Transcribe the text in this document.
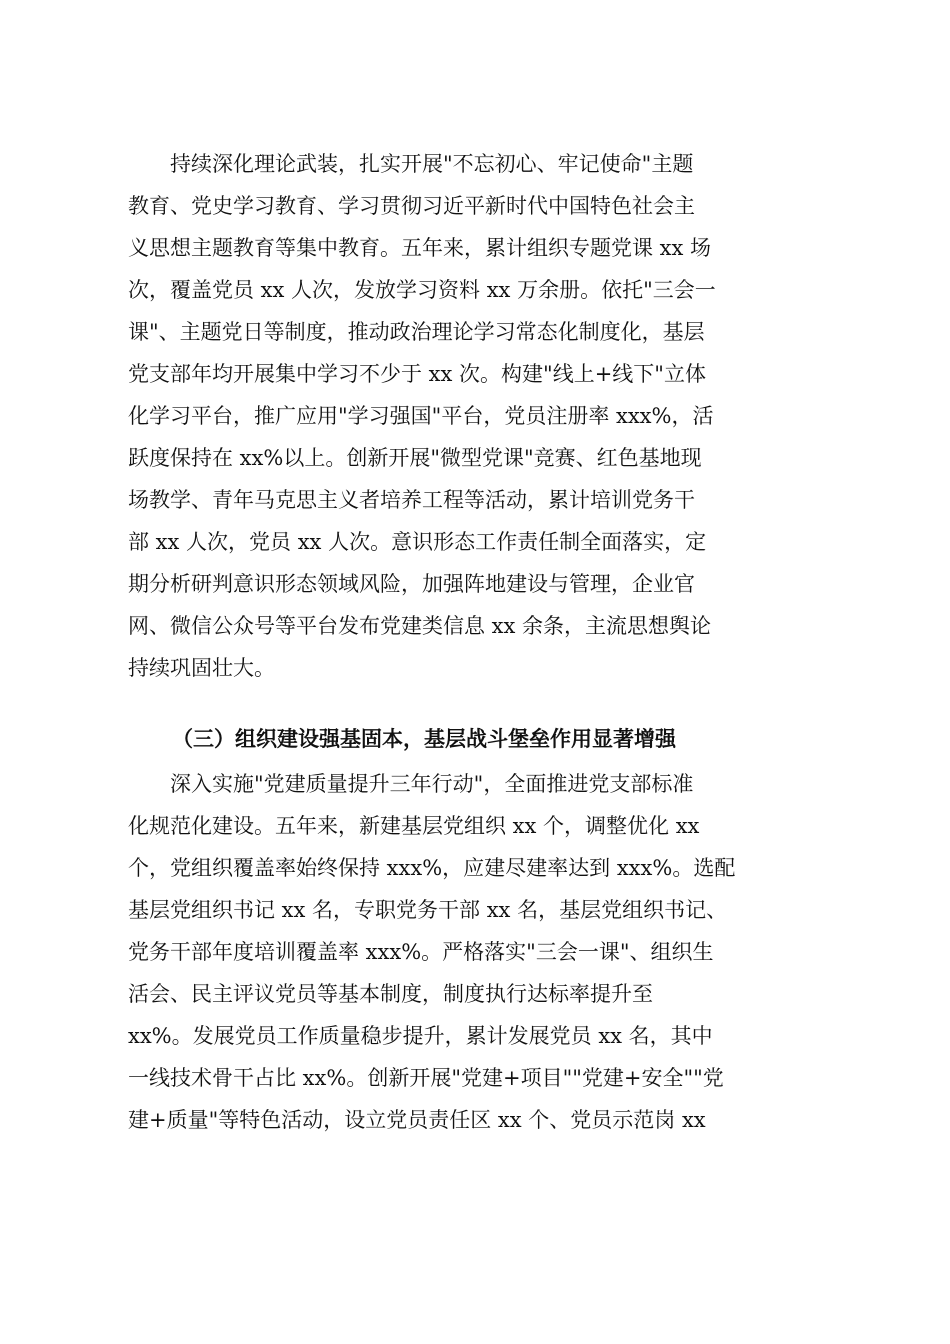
　　持续深化理论武装，扎实开展"不忘初心、牢记使命"主题
教育、党史学习教育、学习贯彻习近平新时代中国特色社会主
义思想主题教育等集中教育。五年来，累计组织专题党课 xx 场
次，覆盖党员 xx 人次，发放学习资料 xx 万余册。依托"三会一
课"、主题党日等制度，推动政治理论学习常态化制度化，基层
党支部年均开展集中学习不少于 xx 次。构建"线上+线下"立体
化学习平台，推广应用"学习强国"平台，党员注册率 xxx%，活
跃度保持在 xx%以上。创新开展"微型党课"竞赛、红色基地现
场教学、青年马克思主义者培养工程等活动，累计培训党务干
部 xx 人次，党员 xx 人次。意识形态工作责任制全面落实，定
期分析研判意识形态领域风险，加强阵地建设与管理，企业官
网、微信公众号等平台发布党建类信息 xx 余条，主流思想舆论
持续巩固壮大。
（三）组织建设强基固本，基层战斗堡垒作用显著增强
　　深入实施"党建质量提升三年行动"，全面推进党支部标准
化规范化建设。五年来，新建基层党组织 xx 个，调整优化 xx
个，党组织覆盖率始终保持 xxx%，应建尽建率达到 xxx%。选配
基层党组织书记 xx 名，专职党务干部 xx 名，基层党组织书记、
党务干部年度培训覆盖率 xxx%。严格落实"三会一课"、组织生
活会、民主评议党员等基本制度，制度执行达标率提升至
xx%。发展党员工作质量稳步提升，累计发展党员 xx 名，其中
一线技术骨干占比 xx%。创新开展"党建+项目""党建+安全""党
建+质量"等特色活动，设立党员责任区 xx 个、党员示范岗 xx
